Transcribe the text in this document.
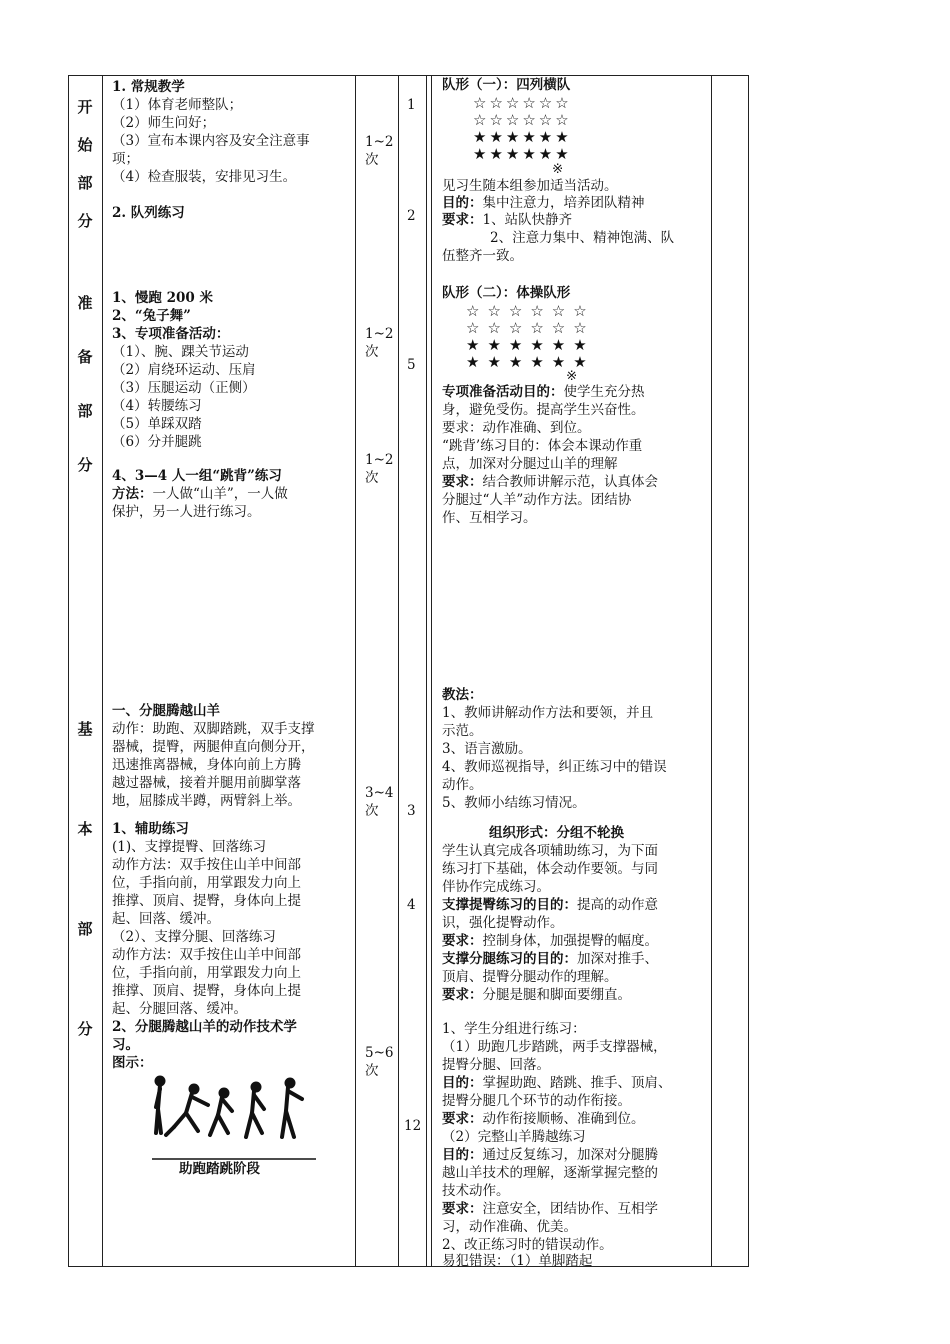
开
始
部
分
准
备
部
分
基
本
部
分
1. 常规教学
（1）体育老师整队；
（2）师生问好；
（3）宣布本课内容及安全注意事
项；
（4）检查服装，安排见习生。
2. 队列练习
1、慢跑 200 米
2、“兔子舞”
3、专项准备活动：
（1）、腕、踝关节运动
（2）肩绕环运动、压肩
（3）压腿运动（正侧）
（4）转腰练习
（5）单踩双踏
（6）分并腿跳
4、3—4 人一组“跳背”练习
方法：一人做“山羊”，一人做
保护，另一人进行练习。
一、分腿腾越山羊
动作：助跑、双脚踏跳，双手支撑
器械，提臀，两腿伸直向侧分开，
迅速推离器械，身体向前上方腾
越过器械，接着并腿用前脚掌落
地，屈膝成半蹲，两臂斜上举。
1、辅助练习
(1)、支撑提臀、回落练习
动作方法：双手按住山羊中间部
位，手指向前，用掌跟发力向上
推撑、顶肩、提臀，身体向上提
起、回落、缓冲。
（2）、支撑分腿、回落练习
动作方法：双手按住山羊中间部
位，手指向前，用掌跟发力向上
推撑、顶肩、提臀，身体向上提
起、分腿回落、缓冲。
2、分腿腾越山羊的动作技术学
习。
图示：
助跑踏跳阶段
1~2
次
1~2
次
1~2
次
3~4
次
5~6
次
1
2
5
3
4
12
队形（一）：四列横队
☆☆☆☆☆☆
☆☆☆☆☆☆
★★★★★★
★★★★★★
※
见习生随本组参加适当活动。
目的：集中注意力，培养团队精神
要求：1、站队快静齐
2、注意力集中、精神饱满、队
伍整齐一致。
队形（二）：体操队形
☆☆☆☆☆☆
☆☆☆☆☆☆
★★★★★★
★★★★★★
※
专项准备活动目的：使学生充分热
身，避免受伤。提高学生兴奋性。
要求：动作准确、到位。
“跳背’练习目的：体会本课动作重
点，加深对分腿过山羊的理解
要求：结合教师讲解示范，认真体会
分腿过“人羊”动作方法。团结协
作、互相学习。
教法：
1、教师讲解动作方法和要领，并且
示范。
3、语言激励。
4、教师巡视指导，纠正练习中的错误
动作。
5、教师小结练习情况。
组织形式：分组不轮换
学生认真完成各项辅助练习，为下面
练习打下基础，体会动作要领。与同
伴协作完成练习。
支撑提臀练习的目的：提高的动作意
识，强化提臀动作。
要求：控制身体，加强提臀的幅度。
支撑分腿练习的目的：加深对推手、
顶肩、提臀分腿动作的理解。
要求：分腿是腿和脚面要绷直。
1、学生分组进行练习：
（1）助跑几步踏跳，两手支撑器械，
提臀分腿、回落。
目的：掌握助跑、踏跳、推手、顶肩、
提臀分腿几个环节的动作衔接。
要求：动作衔接顺畅、准确到位。
（2）完整山羊腾越练习
目的：通过反复练习，加深对分腿腾
越山羊技术的理解，逐渐掌握完整的
技术动作。
要求：注意安全，团结协作、互相学
习，动作准确、优美。
2、改正练习时的错误动作。
易犯错误：（1）单脚踏起
